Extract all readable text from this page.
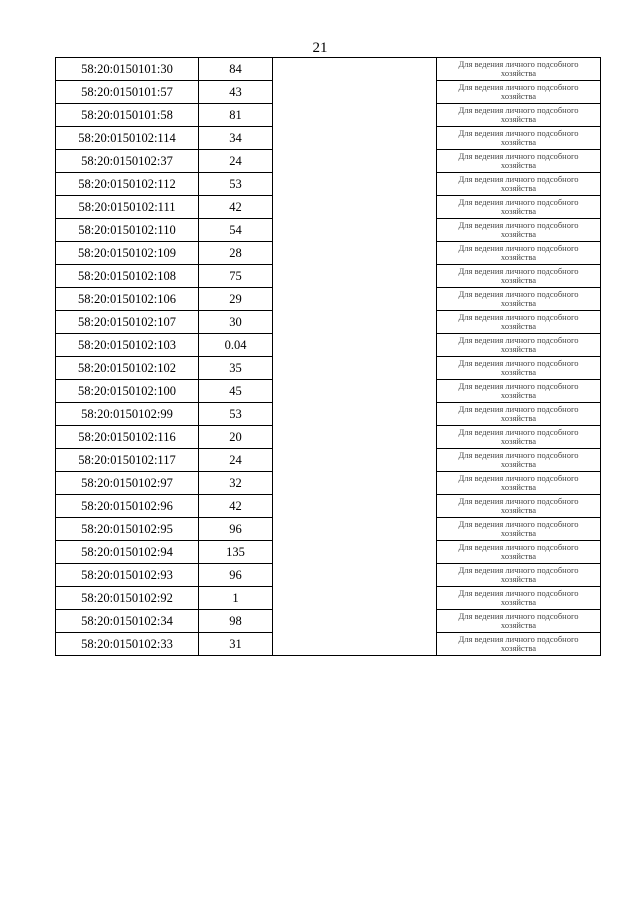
21
58:20:0150101:30	84		Для ведения личного подсобного
хозяйства

58:20:0150101:57	43		Для ведения личного подсобного
хозяйства

58:20:0150101:58	81		Для ведения личного подсобного
хозяйства

58:20:0150102:114	34		Для ведения личного подсобного
хозяйства

58:20:0150102:37	24		Для ведения личного подсобного
хозяйства

58:20:0150102:112	53		Для ведения личного подсобного
хозяйства

58:20:0150102:111	42		Для ведения личного подсобного
хозяйства

58:20:0150102:110	54		Для ведения личного подсобного
хозяйства

58:20:0150102:109	28		Для ведения личного подсобного
хозяйства

58:20:0150102:108	75		Для ведения личного подсобного
хозяйства

58:20:0150102:106	29		Для ведения личного подсобного
хозяйства

58:20:0150102:107	30		Для ведения личного подсобного
хозяйства

58:20:0150102:103	0.04		Для ведения личного подсобного
хозяйства

58:20:0150102:102	35		Для ведения личного подсобного
хозяйства

58:20:0150102:100	45		Для ведения личного подсобного
хозяйства

58:20:0150102:99	53		Для ведения личного подсобного
хозяйства

58:20:0150102:116	20		Для ведения личного подсобного
хозяйства

58:20:0150102:117	24		Для ведения личного подсобного
хозяйства

58:20:0150102:97	32		Для ведения личного подсобного
хозяйства

58:20:0150102:96	42		Для ведения личного подсобного
хозяйства

58:20:0150102:95	96		Для ведения личного подсобного
хозяйства

58:20:0150102:94	135		Для ведения личного подсобного
хозяйства

58:20:0150102:93	96		Для ведения личного подсобного
хозяйства

58:20:0150102:92	1		Для ведения личного подсобного
хозяйства

58:20:0150102:34	98		Для ведения личного подсобного
хозяйства

58:20:0150102:33	31		Для ведения личного подсобного
хозяйства
